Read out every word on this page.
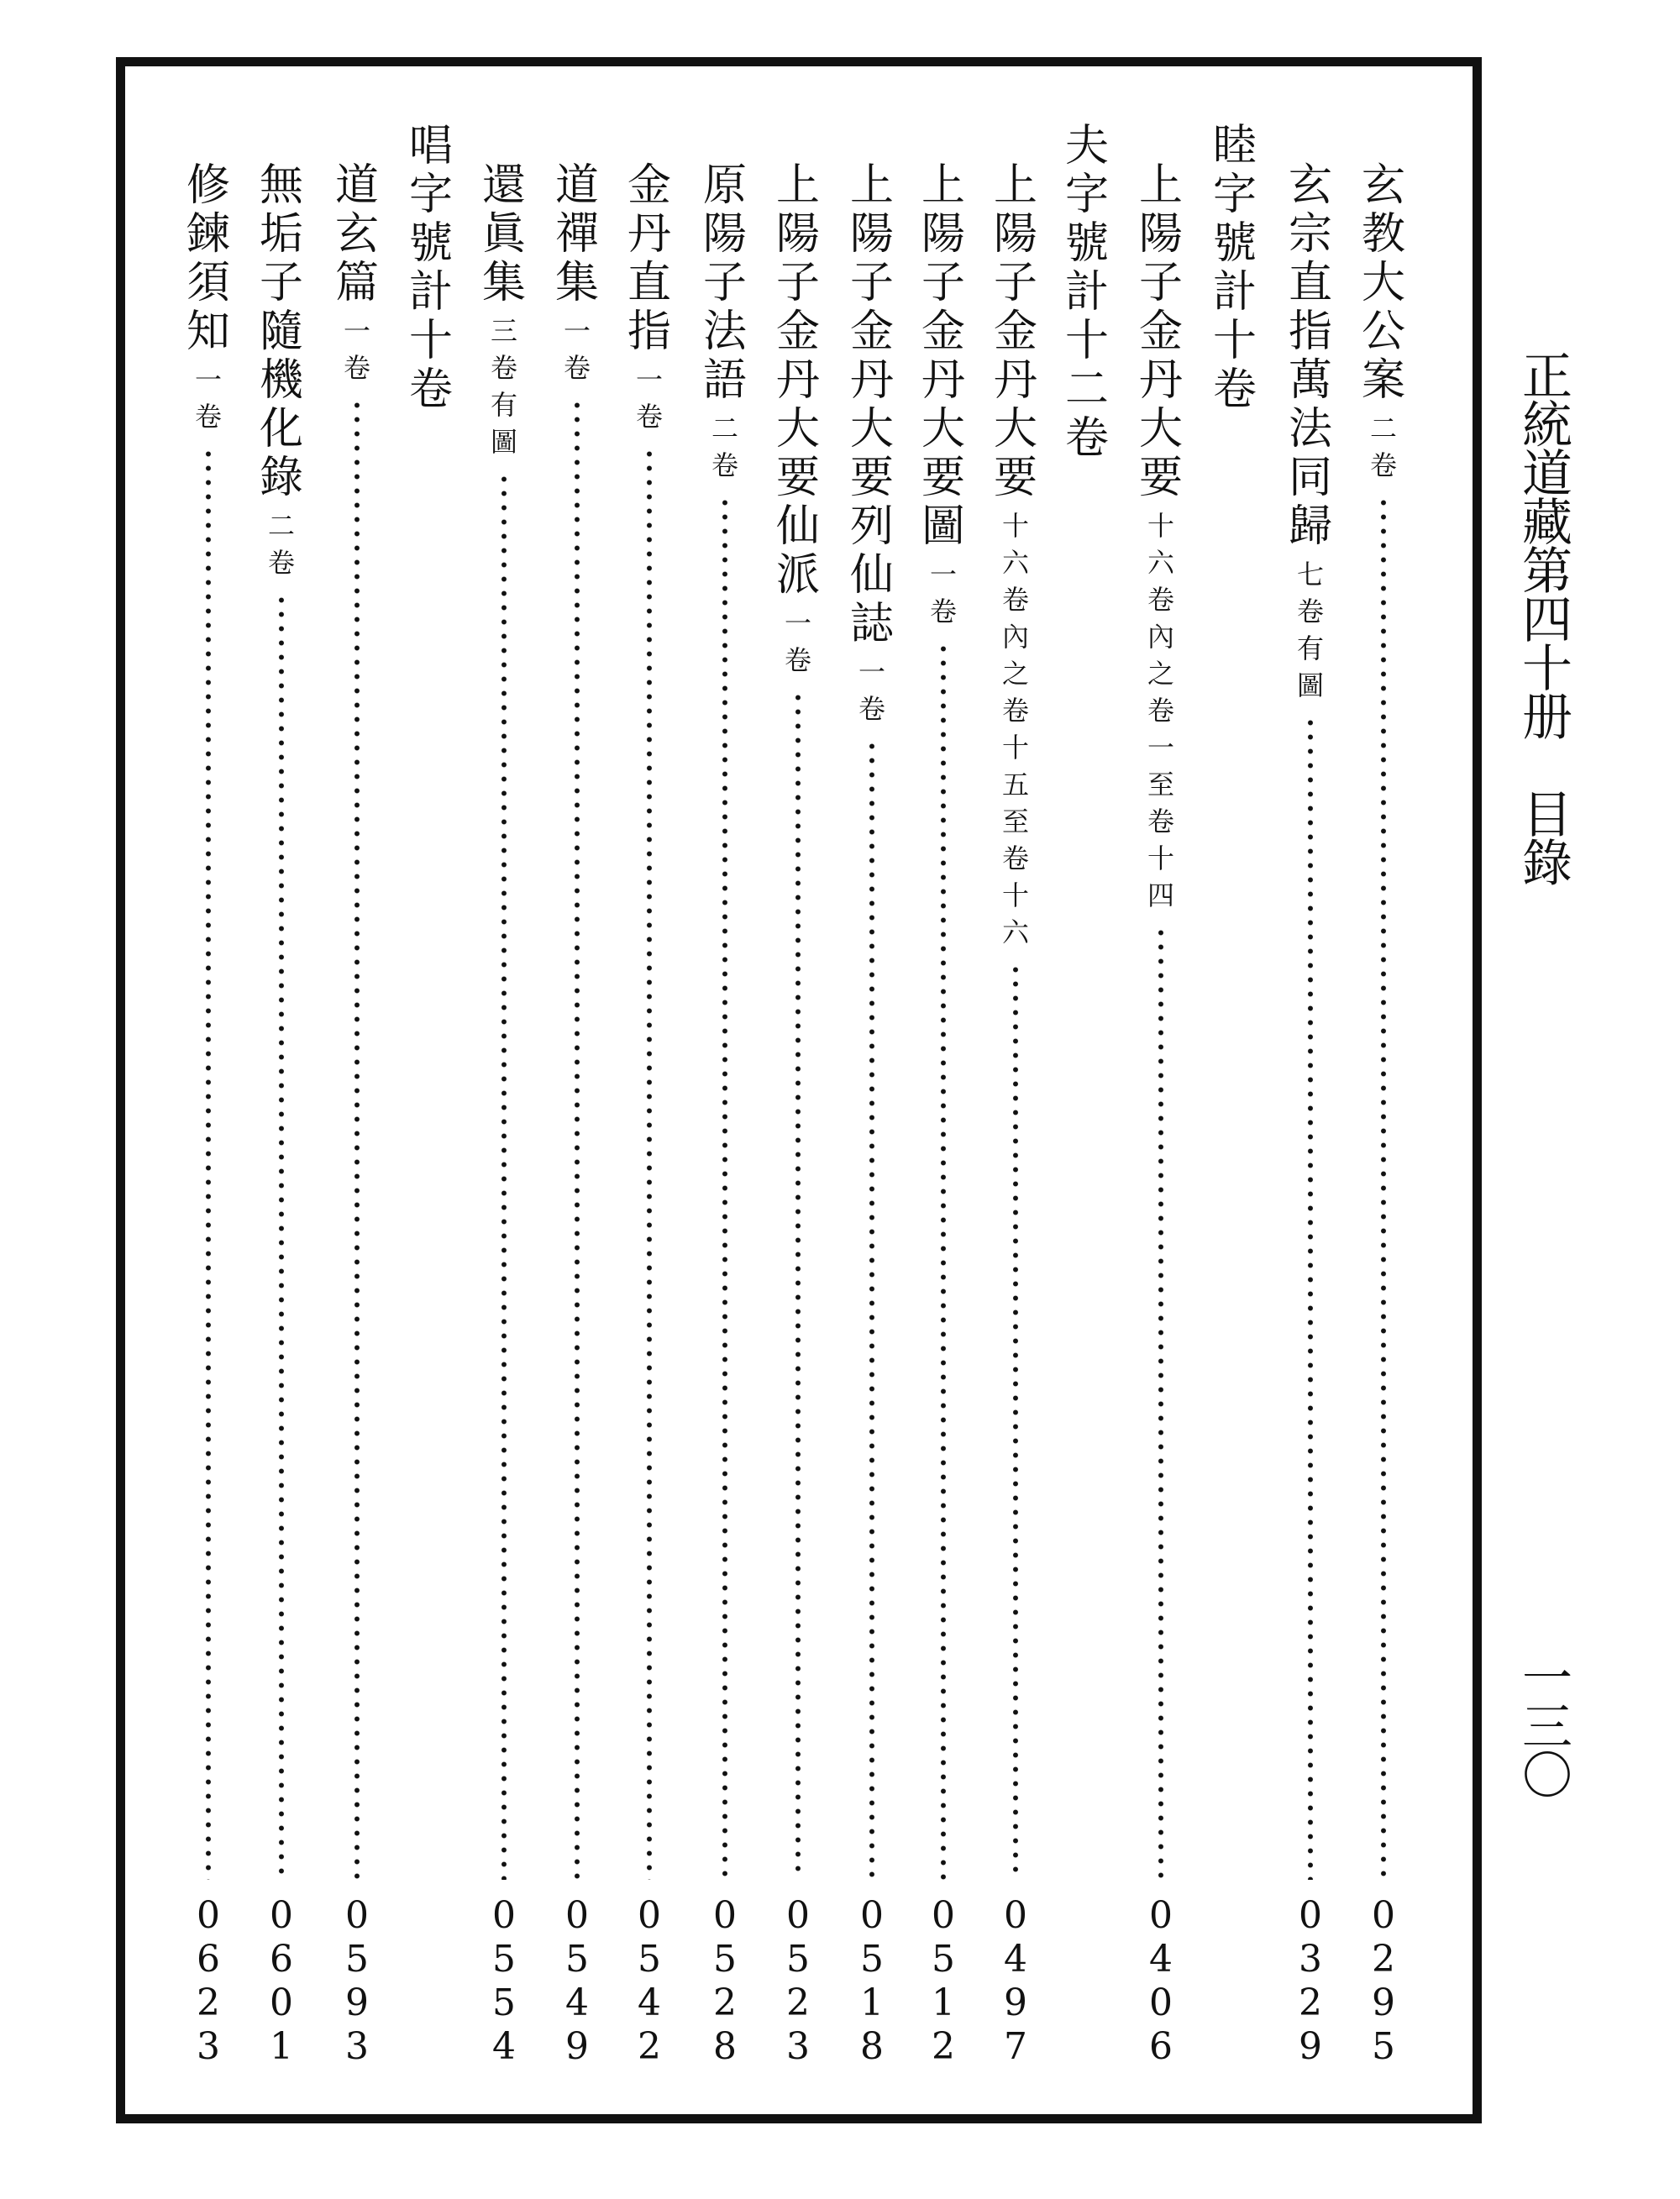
正
統
道
藏
第
四
十
册
目
錄
玄
教
大
公
案
二
卷
0
2
9
5
玄
宗
直
指
萬
法
同
歸
七
卷
有
圖
0
3
2
9
睦
字
號
計
十
卷
上
陽
子
金
丹
大
要
十
六
卷
內
之
卷
一
至
卷
十
四
0
4
0
6
夫
字
號
計
十
二
卷
上
陽
子
金
丹
大
要
十
六
卷
內
之
卷
十
五
至
卷
十
六
0
4
9
7
上
陽
子
金
丹
大
要
圖
一
卷
0
5
1
2
上
陽
子
金
丹
大
要
列
仙
誌
一
卷
0
5
1
8
上
陽
子
金
丹
大
要
仙
派
一
卷
0
5
2
3
原
陽
子
法
語
二
卷
0
5
2
8
金
丹
直
指
一
卷
0
5
4
2
道
禪
集
一
卷
0
5
4
9
還
眞
集
三
卷
有
圖
0
5
5
4
唱
字
號
計
十
卷
道
玄
篇
一
卷
0
5
9
3
無
垢
子
隨
機
化
錄
二
卷
0
6
0
1
修
鍊
須
知
一
卷
0
6
2
3
一
三
〇
